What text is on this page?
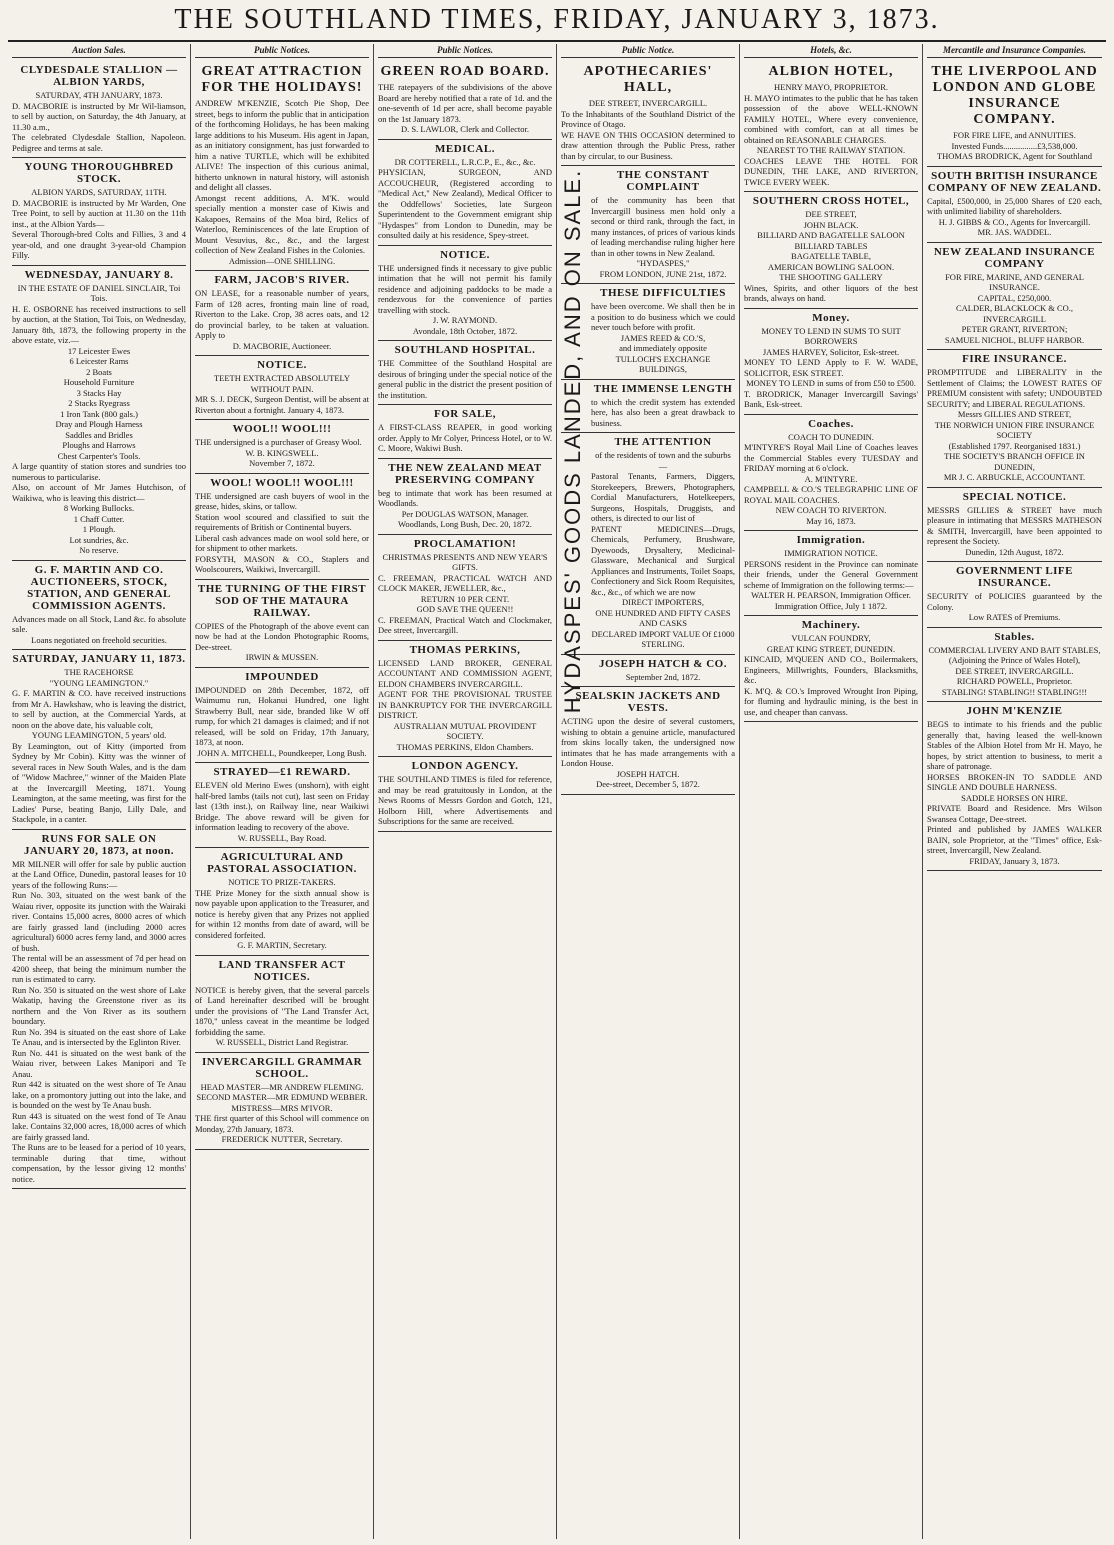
THE SOUTHLAND TIMES, FRIDAY, JANUARY 3, 1873.
Auction Sales.
CLYDESDALE STALLION — ALBION YARDS,
SATURDAY, 4TH JANUARY, 1873.
D. MACBORIE is instructed by Mr Wil-liamson, to sell by auction, on Saturday, the 4th January, at 11.30 a.m.,
The celebrated Clydesdale Stallion, Napoleon. Pedigree and terms at sale.
YOUNG THOROUGHBRED STOCK.
ALBION YARDS, SATURDAY, 11TH.
D. MACBORIE is instructed by Mr Warden, One Tree Point, to sell by auction at 11.30 on the 11th inst., at the Albion Yards—
Several Thorough-bred Colts and Fillies, 3 and 4 year-old, and one draught 3-year-old Champion Filly.
WEDNESDAY, JANUARY 8.
IN THE ESTATE OF DANIEL SINCLAIR, Toi Tois.
H. E. OSBORNE has received instructions to sell by auction, at the Station, Toi Tois, on Wednesday, January 8th, 1873, the following property in the above estate, viz.—
17 Leicester Ewes
6 Leicester Rams
2 Boats
Household Furniture
3 Stacks Hay
2 Stacks Ryegrass
1 Iron Tank (800 gals.)
Dray and Plough Harness
Saddles and Bridles
Ploughs and Harrows
Chest Carpenter's Tools.
A large quantity of station stores and sundries too numerous to particularise.
Also, on account of Mr James Hutchison, of Waikiwa, who is leaving this district—
8 Working Bullocks.
1 Chaff Cutter.
1 Plough.
Lot sundries, &c.
No reserve.
G. F. MARTIN AND CO. AUCTIONEERS, STOCK, STATION, AND GENERAL COMMISSION AGENTS.
Advances made on all Stock, Land &c. fo absolute sale.
Loans negotiated on freehold securities.
SATURDAY, JANUARY 11, 1873.
THE RACEHORSE
"YOUNG LEAMINGTON."
G. F. MARTIN & CO. have received instructions from Mr A. Hawkshaw, who is leaving the district, to sell by auction, at the Commercial Yards, at noon on the above date, his valuable colt,
YOUNG LEAMINGTON, 5 years' old.
By Leamington, out of Kitty (imported from Sydney by Mr Cobin). Kitty was the winner of several races in New South Wales, and is the dam of "Widow Machree," winner of the Maiden Plate at the Invercargill Meeting, 1871. Young Leamington, at the same meeting, was first for the Ladies' Purse, beating Banjo, Lilly Dale, and Stackpole, in a canter.
RUNS FOR SALE ON JANUARY 20, 1873, at noon.
MR MILNER will offer for sale by public auction at the Land Office, Dunedin, pastoral leases for 10 years of the following Runs:—
Run No. 303, situated on the west bank of the Waiau river, opposite its junction with the Wairaki river. Contains 15,000 acres, 8000 acres of which are fairly grassed land (including 2000 acres agricultural) 6000 acres ferny land, and 3000 acres of bush.
The rental will be an assessment of 7d per head on 4200 sheep, that being the minimum number the run is estimated to carry.
Run No. 350 is situated on the west shore of Lake Wakatip, having the Greenstone river as its northern and the Von River as its southern boundary.
Run No. 394 is situated on the east shore of Lake Te Anau, and is intersected by the Eglinton River.
Run No. 441 is situated on the west bank of the Waiau river, between Lakes Manipori and Te Anau.
Run 442 is situated on the west shore of Te Anau lake, on a promontory jutting out into the lake, and is bounded on the west by Te Anau bush.
Run 443 is situated on the west fond of Te Anau lake. Contains 32,000 acres, 18,000 acres of which are fairly grassed land.
The Runs are to be leased for a period of 10 years, terminable during that time, without compensation, by the lessor giving 12 months' notice.
Public Notices.
GREAT ATTRACTION FOR THE HOLIDAYS!
ANDREW M'KENZIE, Scotch Pie Shop, Dee street, begs to inform the public that in anticipation of the forthcoming Holidays, he has been making large additions to his Museum. His agent in Japan, as an initiatory consignment, has just forwarded to him a native TURTLE, which will be exhibited ALIVE! The inspection of this curious animal, hitherto unknown in natural history, will astonish and delight all classes.
Amongst recent additions, A. M'K. would specially mention a monster case of Kiwis and Kakapoes, Remains of the Moa bird, Relics of Waterloo, Reminiscences of the late Eruption of Mount Vesuvius, &c., &c., and the largest collection of New Zealand Fishes in the Colonies.
Admission—ONE SHILLING.
FARM, JACOB'S RIVER.
ON LEASE, for a reasonable number of years, Farm of 128 acres, fronting main line of road, Riverton to the Lake. Crop, 38 acres oats, and 12 do provincial barley, to be taken at valuation. Apply to
D. MACBORIE, Auctioneer.
NOTICE.
TEETH EXTRACTED ABSOLUTELY WITHOUT PAIN.
MR S. J. DECK, Surgeon Dentist, will be absent at Riverton about a fortnight. January 4, 1873.
WOOL!! WOOL!!!
THE undersigned is a purchaser of Greasy Wool.
W. B. KINGSWELL.
November 7, 1872.
WOOL! WOOL!! WOOL!!!
THE undersigned are cash buyers of wool in the grease, hides, skins, or tallow.
Station wool scoured and classified to suit the requirements of British or Continental buyers.
Liberal cash advances made on wool sold here, or for shipment to other markets.
FORSYTH, MASON & CO., Staplers and Woolscourers, Waikiwi, Invercargill.
THE TURNING OF THE FIRST SOD OF THE MATAURA RAILWAY.
COPIES of the Photograph of the above event can now be had at the London Photographic Rooms, Dee-street.
IRWIN & MUSSEN.
IMPOUNDED
IMPOUNDED on 28th December, 1872, off Waimumu run, Hokanui Hundred, one light Strawberry Bull, near side, branded like W off rump, for which 21 damages is claimed; and if not released, will be sold on Friday, 17th January, 1873, at noon.
JOHN A. MITCHELL, Poundkeeper, Long Bush.
STRAYED—£1 REWARD.
ELEVEN old Merino Ewes (unshorn), with eight half-bred lambs (tails not cut), last seen on Friday last (13th inst.), on Railway line, near Waikiwi Bridge. The above reward will be given for information leading to recovery of the above.
W. RUSSELL, Bay Road.
AGRICULTURAL AND PASTORAL ASSOCIATION.
NOTICE TO PRIZE-TAKERS.
THE Prize Money for the sixth annual show is now payable upon application to the Treasurer, and notice is hereby given that any Prizes not applied for within 12 months from date of award, will be considered forfeited.
G. F. MARTIN, Secretary.
LAND TRANSFER ACT NOTICES.
NOTICE is hereby given, that the several parcels of Land hereinafter described will be brought under the provisions of "The Land Transfer Act, 1870," unless caveat in the meantime be lodged forbidding the same.
W. RUSSELL, District Land Registrar.
INVERCARGILL GRAMMAR SCHOOL.
HEAD MASTER—MR ANDREW FLEMING.
SECOND MASTER—MR EDMUND WEBBER.
MISTRESS—MRS M'IVOR.
THE first quarter of this School will commence on Monday, 27th January, 1873.
FREDERICK NUTTER, Secretary.
Public Notices.
GREEN ROAD BOARD.
THE ratepayers of the subdivisions of the above Board are hereby notified that a rate of 1d. and the one-seventh of 1d per acre, shall become payable on the 1st January 1873.
D. S. LAWLOR, Clerk and Collector.
MEDICAL.
DR COTTERELL, L.R.C.P., E., &c., &c.
PHYSICIAN, SURGEON, AND ACCOUCHEUR, (Registered according to "Medical Act," New Zealand), Medical Officer to the Oddfellows' Societies, late Surgeon Superintendent to the Government emigrant ship "Hydaspes" from London to Dunedin, may be consulted daily at his residence, Spey-street.
NOTICE.
THE undersigned finds it necessary to give public intimation that he will not permit his family residence and adjoining paddocks to be made a rendezvous for the convenience of parties travelling with stock.
J. W. RAYMOND.
Avondale, 18th October, 1872.
SOUTHLAND HOSPITAL.
THE Committee of the Southland Hospital are desirous of bringing under the special notice of the general public in the district the present position of the institution.
FOR SALE,
A FIRST-CLASS REAPER, in good working order. Apply to Mr Colyer, Princess Hotel, or to W. C. Moore, Wakiwi Bush.
THE NEW ZEALAND MEAT PRESERVING COMPANY
beg to intimate that work has been resumed at Woodlands.
Per DOUGLAS WATSON, Manager.
Woodlands, Long Bush, Dec. 20, 1872.
PROCLAMATION!
CHRISTMAS PRESENTS AND NEW YEAR'S GIFTS.
C. FREEMAN, PRACTICAL WATCH AND CLOCK MAKER, JEWELLER, &c.,
RETURN 10 PER CENT.
GOD SAVE THE QUEEN!!
C. FREEMAN, Practical Watch and Clockmaker, Dee street, Invercargill.
THOMAS PERKINS,
LICENSED LAND BROKER, GENERAL ACCOUNTANT AND COMMISSION AGENT, ELDON CHAMBERS INVERCARGILL.
AGENT FOR THE PROVISIONAL TRUSTEE IN BANKRUPTCY FOR THE INVERCARGILL DISTRICT.
AUSTRALIAN MUTUAL PROVIDENT SOCIETY.
THOMAS PERKINS, Eldon Chambers.
LONDON AGENCY.
THE SOUTHLAND TIMES is filed for reference, and may be read gratuitously in London, at the News Rooms of Messrs Gordon and Gotch, 121, Holborn Hill, where Advertisements and Subscriptions for the same are received.
Public Notice.
HYDASPES' GOODS LANDED, AND ON SALE.
APOTHECARIES' HALL,
DEE STREET, INVERCARGILL.
To the Inhabitants of the Southland District of the Province of Otago.
WE HAVE ON THIS OCCASION determined to draw attention through the Public Press, rather than by circular, to our Business.
THE CONSTANT COMPLAINT
of the community has been that Invercargill business men hold only a second or third rank, through the fact, in many instances, of prices of various kinds of leading merchandise ruling higher here than in other towns in New Zealand.
"HYDASPES,"
FROM LONDON, JUNE 21st, 1872.
THESE DIFFICULTIES
have been overcome. We shall then be in a position to do business which we could never touch before with profit.
JAMES REED & CO.'S,
and immediately opposite
TULLOCH'S EXCHANGE BUILDINGS,
THE IMMENSE LENGTH
to which the credit system has extended here, has also been a great drawback to business.
THE ATTENTION
of the residents of town and the suburbs—
Pastoral Tenants, Farmers, Diggers, Storekeepers, Brewers, Photographers, Cordial Manufacturers, Hotelkeepers, Surgeons, Hospitals, Druggists, and others, is directed to our list of
PATENT MEDICINES—Drugs, Chemicals, Perfumery, Brushware, Dyewoods, Drysaltery, Medicinal-Glassware, Mechanical and Surgical Appliances and Instruments, Toilet Soaps, Confectionery and Sick Room Requisites, &c., &c., of which we are now
DIRECT IMPORTERS,
ONE HUNDRED AND FIFTY CASES AND CASKS
DECLARED IMPORT VALUE Of £1000 STERLING.
JOSEPH HATCH & CO.
September 2nd, 1872.
SEALSKIN JACKETS AND VESTS.
ACTING upon the desire of several customers, wishing to obtain a genuine article, manufactured from skins locally taken, the undersigned now intimates that he has made arrangements with a London House.
JOSEPH HATCH.
Dee-street, December 5, 1872.
Hotels, &c.
ALBION HOTEL,
HENRY MAYO, PROPRIETOR.
H. MAYO intimates to the public that he has taken possession of the above WELL-KNOWN FAMILY HOTEL, Where every convenience, combined with comfort, can at all times be obtained on REASONABLE CHARGES.
NEAREST TO THE RAILWAY STATION.
COACHES LEAVE THE HOTEL FOR DUNEDIN, THE LAKE, AND RIVERTON, TWICE EVERY WEEK.
SOUTHERN CROSS HOTEL,
DEE STREET,
JOHN BLACK.
BILLIARD AND BAGATELLE SALOON
BILLIARD TABLES
BAGATELLE TABLE,
AMERICAN BOWLING SALOON.
THE SHOOTING GALLERY
Wines, Spirits, and other liquors of the best brands, always on hand.
Money.
MONEY TO LEND IN SUMS TO SUIT BORROWERS
JAMES HARVEY, Solicitor, Esk-street.
MONEY TO LEND Apply to F. W. WADE, SOLICITOR, ESK STREET.
MONEY TO LEND in sums of from £50 to £500.
T. BRODRICK, Manager Invercargill Savings' Bank, Esk-street.
Coaches.
COACH TO DUNEDIN.
M'INTYRE'S Royal Mail Line of Coaches leaves the Commercial Stables every TUESDAY and FRIDAY morning at 6 o'clock.
A. M'INTYRE.
CAMPBELL & CO.'S TELEGRAPHIC LINE OF ROYAL MAIL COACHES.
NEW COACH TO RIVERTON.
May 16, 1873.
Immigration.
IMMIGRATION NOTICE.
PERSONS resident in the Province can nominate their friends, under the General Government scheme of Immigration on the following terms:—
WALTER H. PEARSON, Immigration Officer.
Immigration Office, July 1 1872.
Machinery.
VULCAN FOUNDRY,
GREAT KING STREET, DUNEDIN.
KINCAID, M'QUEEN AND CO., Boilermakers, Engineers, Millwrights, Founders, Blacksmiths, &c.
K. M'Q. & CO.'s Improved Wrought Iron Piping, for fluming and hydraulic mining, is the best in use, and cheaper than canvass.
Mercantile and Insurance Companies.
THE LIVERPOOL AND LONDON AND GLOBE INSURANCE COMPANY.
FOR FIRE LIFE, and ANNUITIES.
Invested Funds................£3,538,000.
THOMAS BRODRICK, Agent for Southland
SOUTH BRITISH INSURANCE COMPANY OF NEW ZEALAND.
Capital, £500,000, in 25,000 Shares of £20 each, with unlimited liability of shareholders.
H. J. GIBBS & CO., Agents for Invercargill.
MR. JAS. WADDEL.
NEW ZEALAND INSURANCE COMPANY
FOR FIRE, MARINE, AND GENERAL INSURANCE.
CAPITAL, £250,000.
CALDER, BLACKLOCK & CO., INVERCARGILL
PETER GRANT, RIVERTON;
SAMUEL NICHOL, BLUFF HARBOR.
FIRE INSURANCE.
PROMPTITUDE and LIBERALITY in the Settlement of Claims; the LOWEST RATES OF PREMIUM consistent with safety; UNDOUBTED SECURITY; and LIBERAL REGULATIONS.
Messrs GILLIES AND STREET,
THE NORWICH UNION FIRE INSURANCE SOCIETY
(Established 1797. Reorganised 1831.)
THE SOCIETY'S BRANCH OFFICE IN DUNEDIN,
MR J. C. ARBUCKLE, ACCOUNTANT.
SPECIAL NOTICE.
MESSRS GILLIES & STREET have much pleasure in intimating that MESSRS MATHESON & SMITH, Invercargill, have been appointed to represent the Society.
Dunedin, 12th August, 1872.
GOVERNMENT LIFE INSURANCE.
SECURITY of POLICIES guaranteed by the Colony.
Low RATES of Premiums.
Stables.
COMMERCIAL LIVERY AND BAIT STABLES,
(Adjoining the Prince of Wales Hotel),
DEE STREET, INVERCARGILL.
RICHARD POWELL, Proprietor.
STABLING! STABLING!! STABLING!!!
JOHN M'KENZIE
BEGS to intimate to his friends and the public generally that, having leased the well-known Stables of the Albion Hotel from Mr H. Mayo, he hopes, by strict attention to business, to merit a share of patronage.
HORSES BROKEN-IN TO SADDLE AND SINGLE AND DOUBLE HARNESS.
SADDLE HORSES ON HIRE.
PRIVATE Board and Residence. Mrs Wilson Swansea Cottage, Dee-street.
Printed and published by JAMES WALKER BAIN, sole Proprietor, at the "Times" office, Esk-street, Invercargill, New Zealand.
FRIDAY, January 3, 1873.
